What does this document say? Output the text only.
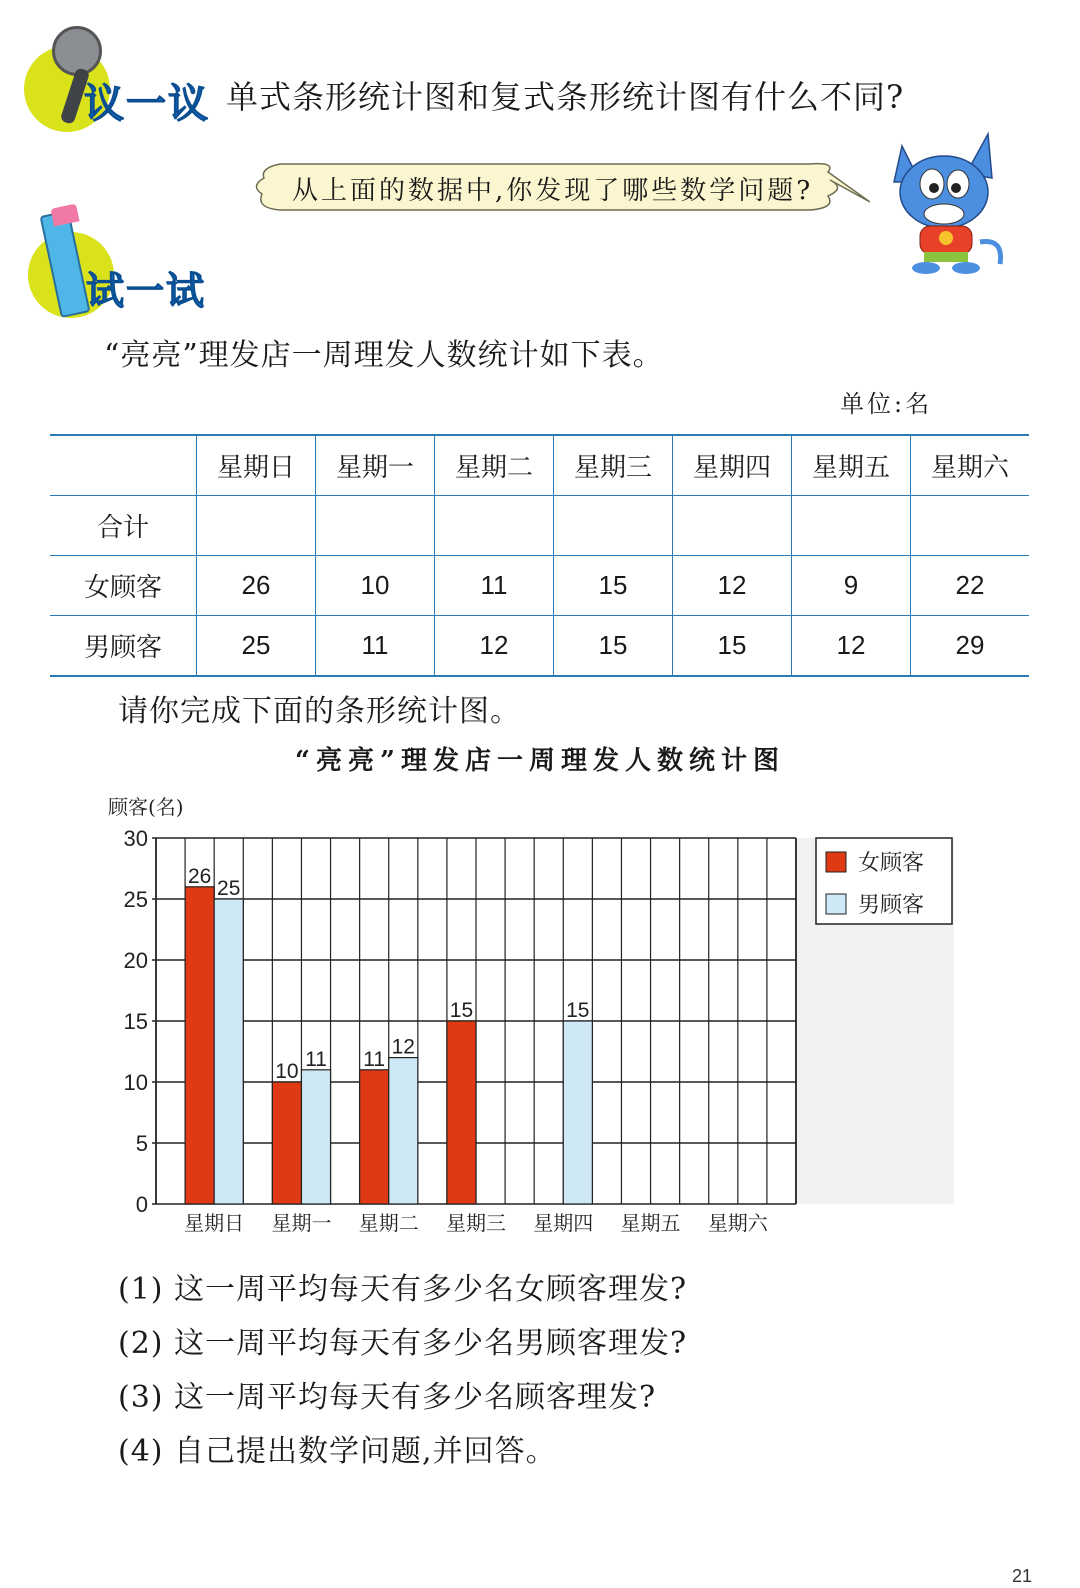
议一议 单式条形统计图和复式条形统计图有什么不同?
从上面的数据中,你发现了哪些数学问题?
试一试
“亮亮”理发店一周理发人数统计如下表。
单位:名
	星期日	星期一	星期二	星期三	星期四	星期五	星期六
合计							
女顾客	26	10	11	15	12	9	22
男顾客	25	11	12	15	15	12	29
请你完成下面的条形统计图。
“亮亮”理发店一周理发人数统计图
0
5
10
15
20
25
30
顾客(名)
26
25
星期日
10
11
星期一
11
12
星期二
15
星期三
15
星期四 星期五 星期六
女顾客
男顾客
(1) 这一周平均每天有多少名女顾客理发?
(2) 这一周平均每天有多少名男顾客理发?
(3) 这一周平均每天有多少名顾客理发?
(4) 自己提出数学问题,并回答。
21
